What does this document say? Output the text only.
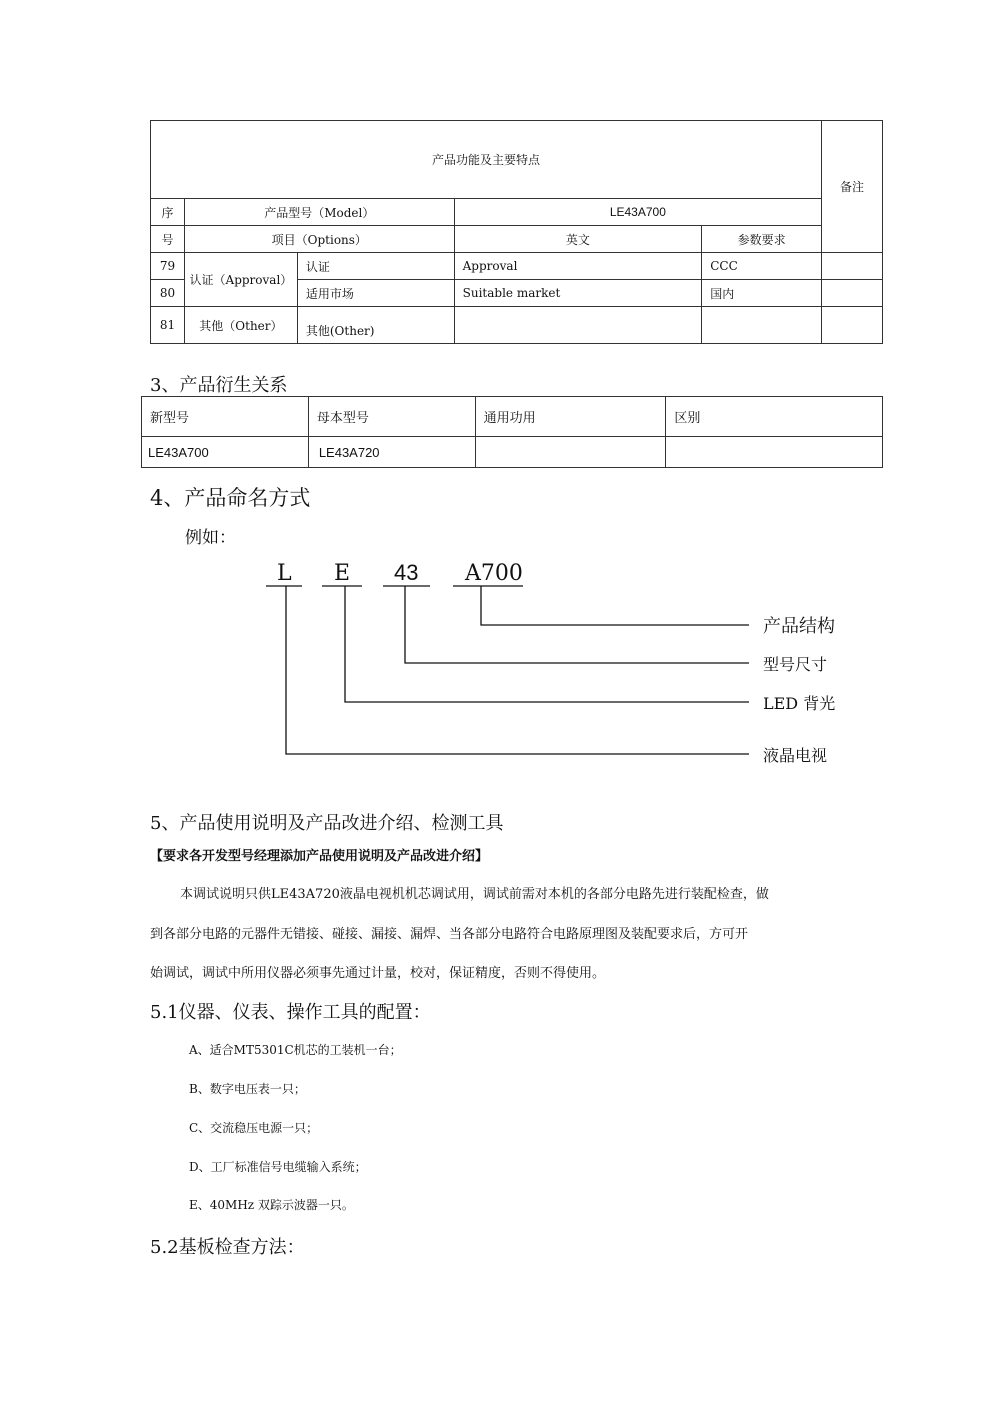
产品功能及主要特点					备注
序	产品型号（Model）		LE43A700		
号	项目（Options）		英文	参数要求	
79	认证（Approval）	认证	Approval	CCC	
80		适用市场	Suitable market	国内	
81	其他（Other）	其他(Other)			
3、产品衍生关系
新型号	母本型号	通用功用	区别
LE43A700	LE43A720		
4、产品命名方式
例如：
L E 43 A700
产品结构
型号尺寸
LED 背光
液晶电视
5、产品使用说明及产品改进介绍、检测工具
【要求各开发型号经理添加产品使用说明及产品改进介绍】
本调试说明只供LE43A720液晶电视机机芯调试用，调试前需对本机的各部分电路先进行装配检查，做
到各部分电路的元器件无错接、碰接、漏接、漏焊、当各部分电路符合电路原理图及装配要求后，方可开
始调试，调试中所用仪器必须事先通过计量，校对，保证精度，否则不得使用。
5.1仪器、仪表、操作工具的配置：
A、适合MT5301C机芯的工装机一台；
B、数字电压表一只；
C、交流稳压电源一只；
D、工厂标准信号电缆输入系统；
E、40MHz 双踪示波器一只。
5.2基板检查方法：
